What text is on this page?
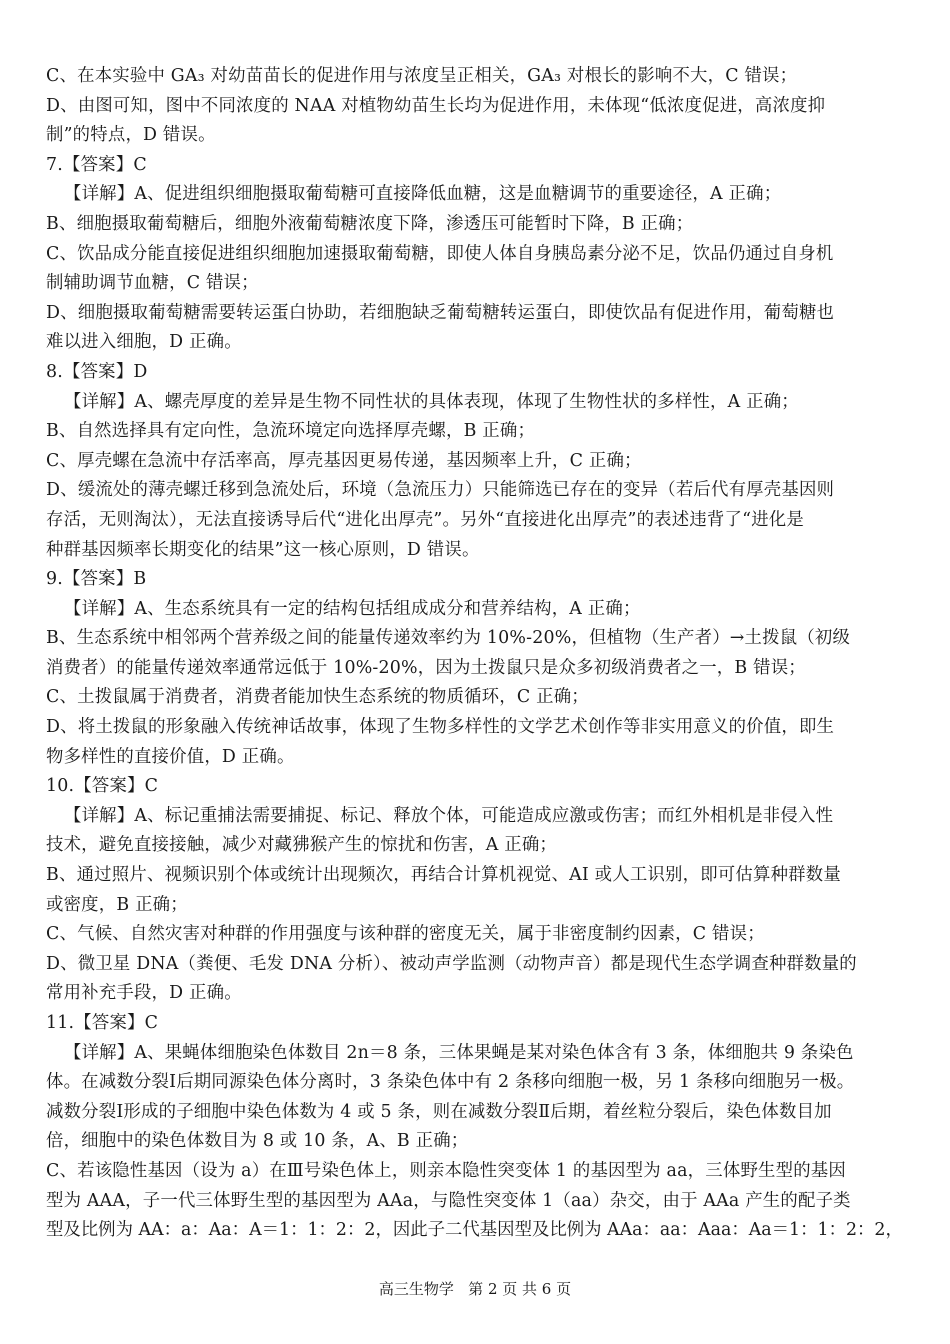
C、在本实验中 GA₃ 对幼苗苗长的促进作用与浓度呈正相关，GA₃ 对根长的影响不大，C 错误；
D、由图可知，图中不同浓度的 NAA 对植物幼苗生长均为促进作用，未体现“低浓度促进，高浓度抑
制”的特点，D 错误。
7.【答案】C
【详解】A、促进组织细胞摄取葡萄糖可直接降低血糖，这是血糖调节的重要途径，A 正确；
B、细胞摄取葡萄糖后，细胞外液葡萄糖浓度下降，渗透压可能暂时下降，B 正确；
C、饮品成分能直接促进组织细胞加速摄取葡萄糖，即使人体自身胰岛素分泌不足，饮品仍通过自身机
制辅助调节血糖，C 错误；
D、细胞摄取葡萄糖需要转运蛋白协助，若细胞缺乏葡萄糖转运蛋白，即使饮品有促进作用，葡萄糖也
难以进入细胞，D 正确。
8.【答案】D
【详解】A、螺壳厚度的差异是生物不同性状的具体表现，体现了生物性状的多样性，A 正确；
B、自然选择具有定向性，急流环境定向选择厚壳螺，B 正确；
C、厚壳螺在急流中存活率高，厚壳基因更易传递，基因频率上升，C 正确；
D、缓流处的薄壳螺迁移到急流处后，环境（急流压力）只能筛选已存在的变异（若后代有厚壳基因则
存活，无则淘汰），无法直接诱导后代“进化出厚壳”。另外“直接进化出厚壳”的表述违背了“进化是
种群基因频率长期变化的结果”这一核心原则，D 错误。
9.【答案】B
【详解】A、生态系统具有一定的结构包括组成成分和营养结构，A 正确；
B、生态系统中相邻两个营养级之间的能量传递效率约为 10%-20%，但植物（生产者）→土拨鼠（初级
消费者）的能量传递效率通常远低于 10%-20%，因为土拨鼠只是众多初级消费者之一，B 错误；
C、土拨鼠属于消费者，消费者能加快生态系统的物质循环，C 正确；
D、将土拨鼠的形象融入传统神话故事，体现了生物多样性的文学艺术创作等非实用意义的价值，即生
物多样性的直接价值，D 正确。
10.【答案】C
【详解】A、标记重捕法需要捕捉、标记、释放个体，可能造成应激或伤害；而红外相机是非侵入性
技术，避免直接接触，减少对藏狒猴产生的惊扰和伤害，A 正确；
B、通过照片、视频识别个体或统计出现频次，再结合计算机视觉、AI 或人工识别，即可估算种群数量
或密度，B 正确；
C、气候、自然灾害对种群的作用强度与该种群的密度无关，属于非密度制约因素，C 错误；
D、微卫星 DNA（粪便、毛发 DNA 分析）、被动声学监测（动物声音）都是现代生态学调查种群数量的
常用补充手段，D 正确。
11.【答案】C
【详解】A、果蝇体细胞染色体数目 2n＝8 条，三体果蝇是某对染色体含有 3 条，体细胞共 9 条染色
体。在减数分裂Ⅰ后期同源染色体分离时，3 条染色体中有 2 条移向细胞一极，另 1 条移向细胞另一极。
减数分裂Ⅰ形成的子细胞中染色体数为 4 或 5 条，则在减数分裂Ⅱ后期，着丝粒分裂后，染色体数目加
倍，细胞中的染色体数目为 8 或 10 条，A、B 正确；
C、若该隐性基因（设为 a）在Ⅲ号染色体上，则亲本隐性突变体 1 的基因型为 aa，三体野生型的基因
型为 AAA，子一代三体野生型的基因型为 AAa，与隐性突变体 1（aa）杂交，由于 AAa 产生的配子类
型及比例为 AA：a：Aa：A＝1：1：2：2，因此子二代基因型及比例为 AAa：aa：Aaa：Aa＝1：1：2：2，
高三生物学   第 2 页 共 6 页
